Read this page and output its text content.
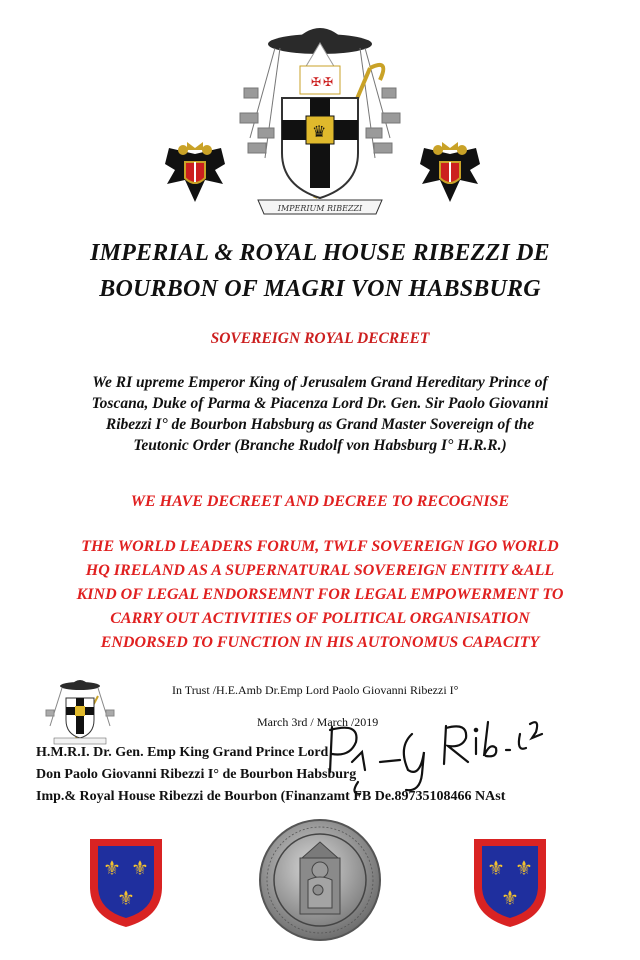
✠ ✠
♛
IMPERIUM RIBEZZI
IMPERIAL & ROYAL HOUSE RIBEZZI DE
BOURBON OF MAGRI VON HABSBURG
SOVEREIGN ROYAL DECREET
We RI upreme Emperor King of Jerusalem Grand Hereditary Prince of
Toscana, Duke of Parma & Piacenza Lord Dr. Gen. Sir Paolo Giovanni
Ribezzi I° de Bourbon Habsburg as Grand Master Sovereign of the
Teutonic Order (Branche Rudolf von Habsburg I° H.R.R.)
WE HAVE DECREET AND DECREE TO RECOGNISE
THE WORLD LEADERS FORUM, TWLF SOVEREIGN IGO WORLD
HQ IRELAND AS A SUPERNATURAL SOVEREIGN ENTITY &ALL
KIND OF LEGAL ENDORSEMNT FOR LEGAL EMPOWERMENT TO
CARRY OUT ACTIVITIES OF POLITICAL ORGANISATION
ENDORSED TO FUNCTION IN HIS AUTONOMUS CAPACITY
In Trust /H.E.Amb Dr.Emp Lord Paolo Giovanni Ribezzi I°
March 3rd / March /2019
H.M.R.I. Dr. Gen. Emp King Grand Prince Lord
Don Paolo Giovanni Ribezzi I° de Bourbon Habsburg
Imp.& Royal House Ribezzi de Bourbon (Finanzamt FB De.89735108466 NAst
⚜ ⚜
⚜
⚜ ⚜
⚜
